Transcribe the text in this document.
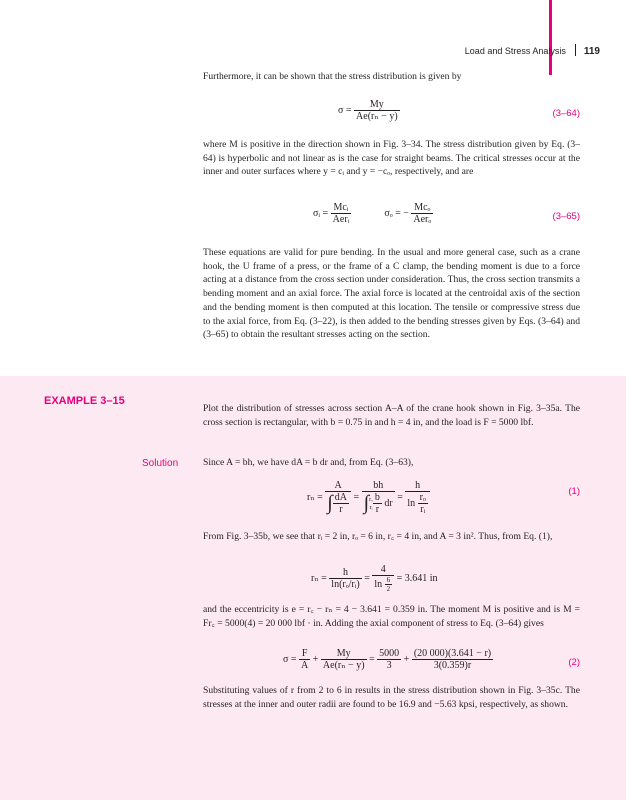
Load and Stress Analysis 119
Furthermore, it can be shown that the stress distribution is given by
$\sigma = \frac{My}{\text{Ae(rₙ − y)}}$	(3–64)
where M is positive in the direction shown in Fig. 3–34. The stress distribution given by Eq. (3–64) is hyperbolic and not linear as is the case for straight beams. The critical stresses occur at the inner and outer surfaces where y = cᵢ and y = −cₒ, respectively, and are
σᵢ = $\frac{\text{Mcᵢ}}{\text{Aerᵢ}}$	σₒ = − $\frac{\text{Mcₒ}}{\text{Aerₒ}}$	(3–65)
These equations are valid for pure bending. In the usual and more general case, such as a crane hook, the U frame of a press, or the frame of a C clamp, the bending moment is due to a force acting at a distance from the cross section under consideration. Thus, the cross section transmits a bending moment and an axial force. The axial force is located at the centroidal axis of the section and the bending moment is then computed at this location. The tensile or compressive stress due to the axial force, from Eq. (3–22), is then added to the bending stresses given by Eqs. (3–64) and (3–65) to obtain the resultant stresses acting on the section.
EXAMPLE 3–15
Plot the distribution of stresses across section A–A of the crane hook shown in Fig. 3–35a. The cross section is rectangular, with b = 0.75 in and h = 4 in, and the load is F = 5000 lbf.
Solution	Since A = bh, we have dA = b dr and, from Eq. (3–63),
$r_n = \frac{A}{\int \frac{dA}{r}}$ = bh
∫ rₒ
rᵢ $\frac{b}{r}$ dr = $\frac{h}{\ln \frac{\text{rₒ}}{\text{rᵢ}}}$	(1)
From Fig. 3–35b, we see that rᵢ = 2 in, rₒ = 6 in, r꜀ = 4 in, and A = 3 in². Thus, from Eq. (1),
$r_n = \frac{h}{\text{ln(rₒ/rᵢ)}} = \frac{4}{\ln \frac{6}{2}} = 3.641$ in
and the eccentricity is e = r꜀ − rₙ = 4 − 3.641 = 0.359 in. The moment M is positive and is M = Fr꜀ = 5000(4) = 20 000 lbf · in. Adding the axial component of stress to Eq. (3–64) gives
$\sigma = \frac{F}{A} + \frac{My}{\text{Ae(rₙ − y)}} = \frac{5000}{3} + \frac{(20 000)(3.641 - r)}{3(0.359)r}$	(2)
Substituting values of r from 2 to 6 in results in the stress distribution shown in Fig. 3–35c. The stresses at the inner and outer radii are found to be 16.9 and −5.63 kpsi, respectively, as shown.
